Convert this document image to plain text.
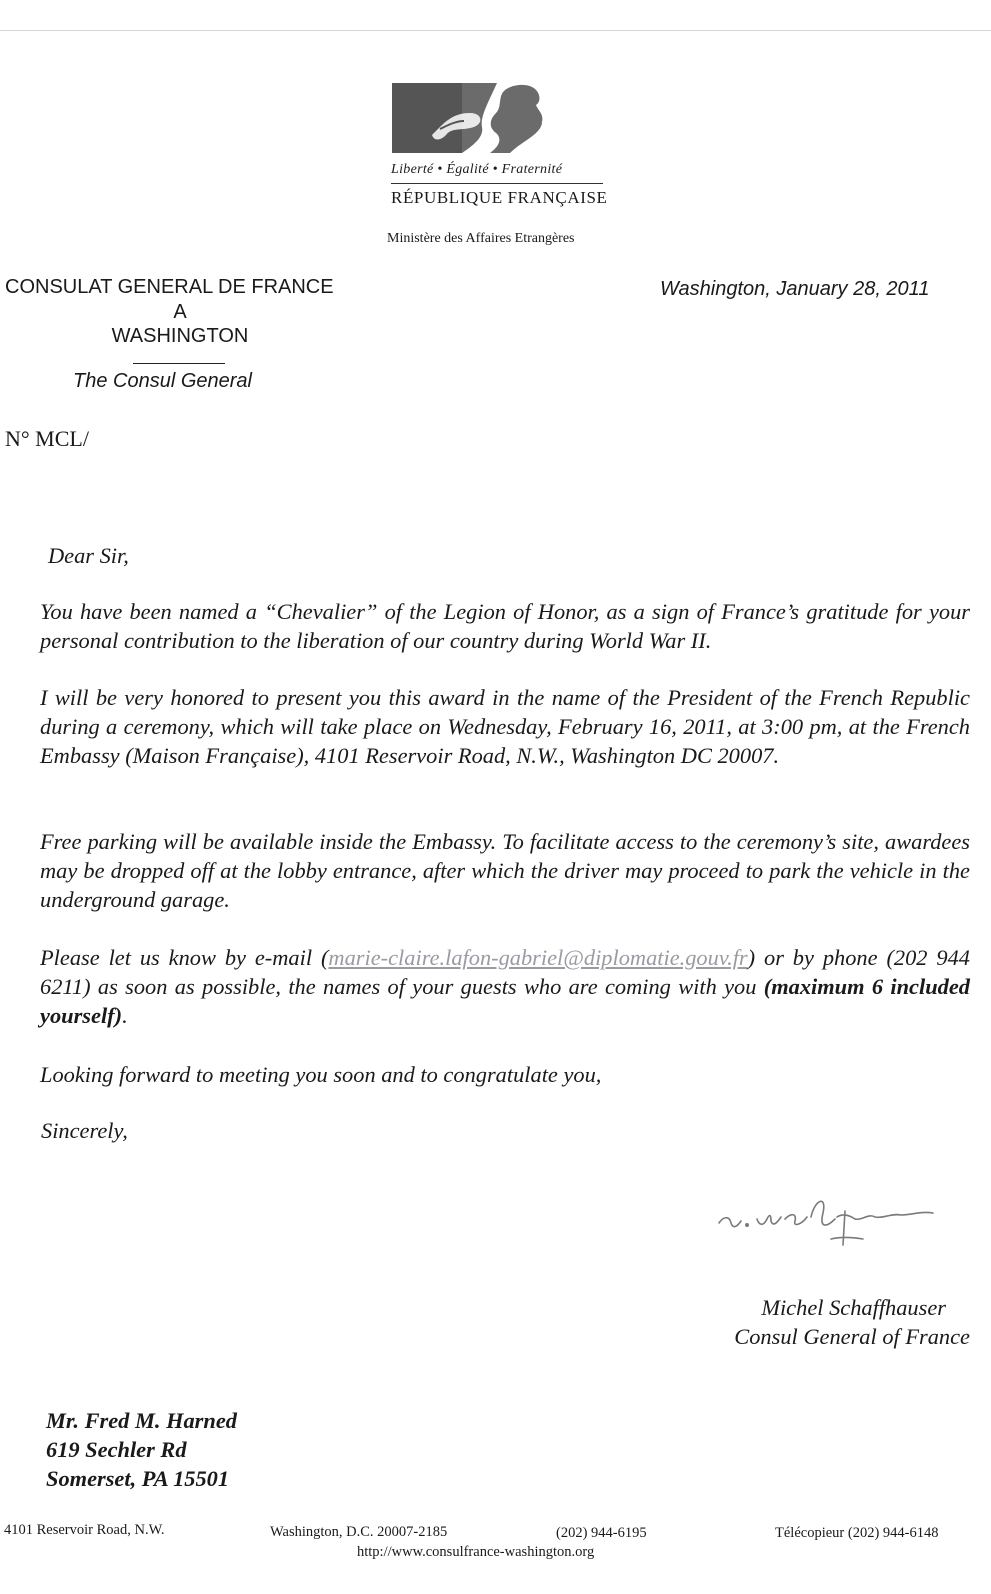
Liberté • Égalité • Fraternité
RÉPUBLIQUE FRANÇAISE
Ministère des Affaires Etrangères
CONSULAT GENERAL DE FRANCE
A
WASHINGTON
The Consul General
Washington, January 28, 2011
N° MCL/
Dear Sir,
You have been named a “Chevalier” of the Legion of Honor, as a sign of France’s gratitude for your personal contribution to the liberation of our country during World War II.
I will be very honored to present you this award in the name of the President of the French Republic during a ceremony, which will take place on Wednesday, February 16, 2011, at 3:00 pm, at the French Embassy (Maison Française), 4101 Reservoir Road, N.W., Washington DC 20007.
Free parking will be available inside the Embassy. To facilitate access to the ceremony’s site, awardees may be dropped off at the lobby entrance, after which the driver may proceed to park the vehicle in the underground garage.
Please let us know by e-mail (marie-claire.lafon-gabriel@diplomatie.gouv.fr) or by phone (202 944 6211) as soon as possible, the names of your guests who are coming with you (maximum 6 included yourself).
Looking forward to meeting you soon and to congratulate you,
Sincerely,
Michel Schaffhauser
Consul General of France
Mr. Fred M. Harned
619 Sechler Rd
Somerset, PA 15501
4101 Reservoir Road, N.W.	Washington, D.C. 20007-2185	(202) 944-6195	Télécopieur (202) 944-6148
http://www.consulfrance-washington.org
